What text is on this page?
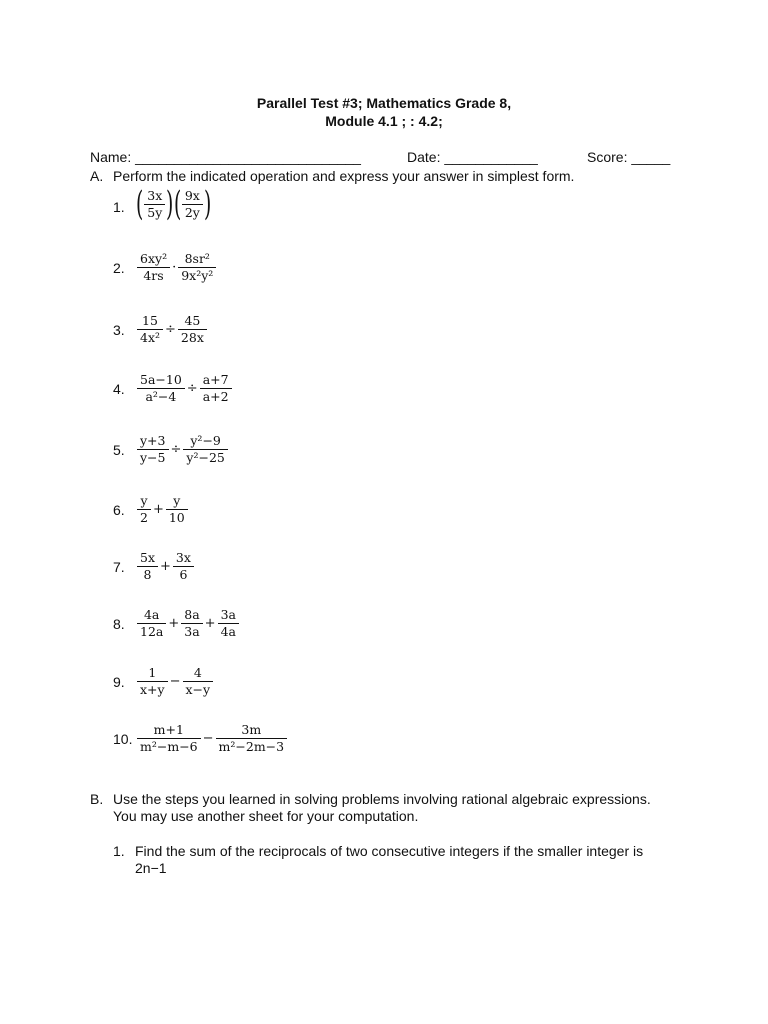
Parallel Test #3; Mathematics Grade 8,
Module 4.1 ; : 4.2;
Name: _____________________________	Date: ____________	Score: _____
A. Perform the indicated operation and express your answer in simplest form.
1. ( $\frac{3x}{5y}$ )( $\frac{9x}{2y}$ )
2. $\frac{\text{6xy²}}{4rs} \cdot \frac{\text{8sr²}}{\text{9x²y²}}$
3. $\frac{15}{\text{4x²}} \div \frac{45}{28x}$
4. $\frac{5a-10}{\text{a²−4}} \div \frac{a+7}{a+2}$
5. $\frac{y+3}{y-5} \div \frac{\text{y²−9}}{\text{y²−25}}$
6. $\frac{y}{2} + \frac{y}{10}$
7. $\frac{5x}{8} + \frac{3x}{6}$
8. $\frac{4a}{12a} + \frac{8a}{3a} + \frac{3a}{4a}$
9. $\frac{1}{x+y} - \frac{4}{x-y}$
10. $\frac{m+1}{\text{m²−m−6}} - \frac{3m}{\text{m²−2m−3}}$
B. Use the steps you learned in solving problems involving rational algebraic expressions.
You may use another sheet for your computation.
1. Find the sum of the reciprocals of two consecutive integers if the smaller integer is
2n−1
